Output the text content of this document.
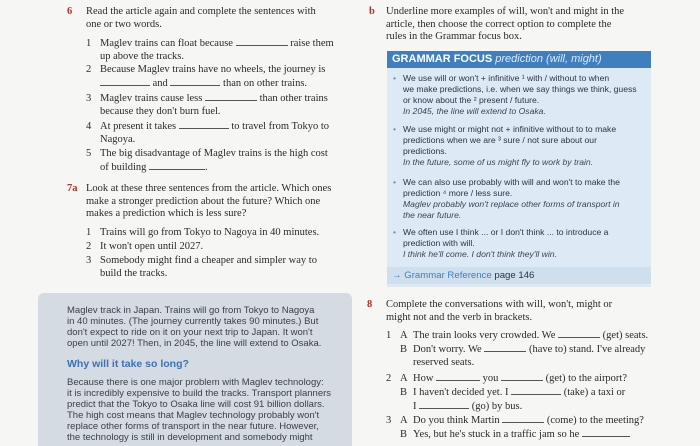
6 Read the article again and complete the sentences with
one or two words.
1 Maglev trains can float because	raise them
up above the tracks.
2 Because Maglev trains have no wheels, the journey is
and	than on other trains.
3 Maglev trains cause less	than other trains
because they don't burn fuel.
4 At present it takes	to travel from Tokyo to
Nagoya.
5 The big disadvantage of Maglev trains is the high cost
of building	.
7a Look at these three sentences from the article. Which ones
make a stronger prediction about the future? Which one
makes a prediction which is less sure?
1 Trains will go from Tokyo to Nagoya in 40 minutes.
2 It won't open until 2027.
3 Somebody might find a cheaper and simpler way to
build the tracks.

Maglev track in Japan. Trains will go from Tokyo to Nagoya

in 40 minutes. (The journey currently takes 90 minutes.) But

don't expect to ride on it on your next trip to Japan. It won't

open until 2027! Then, in 2045, the line will extend to Osaka.

Why will it take so long?

Because there is one major problem with Maglev technology:

it is incredibly expensive to build the tracks. Transport planners

predict that the Tokyo to Osaka line will cost 91 billion dollars.

The high cost means that Maglev technology probably won't

replace other forms of transport in the near future. However,

the technology is still in development and somebody might

b Underline more examples of will, won't and might in the
article, then choose the correct option to complete the
rules in the Grammar focus box.
GRAMMAR FOCUS prediction (will, might)
• We use will or won't + infinitive ¹ with / without to when
we make predictions, i.e. when we say things we think, guess
or know about the ² present / future.
In 2045, the line will extend to Osaka.
• We use might or might not + infinitive without to to make
predictions when we are ³ sure / not sure about our
predictions.
In the future, some of us might fly to work by train.
• We can also use probably with will and won't to make the
prediction ⁴ more / less sure.
Maglev probably won't replace other forms of transport in
the near future.
• We often use I think ... or I don't think ... to introduce a
prediction with will.
I think he'll come. I don't think they'll win.
→ Grammar Reference page 146
8 Complete the conversations with will, won't, might or
might not and the verb in brackets.
1 A The train looks very crowded. We	(get) seats.
B Don't worry. We	(have to) stand. I've already
reserved seats.
2 A How	you	(get) to the airport?
B I haven't decided yet. I	(take) a taxi or
I	(go) by bus.
3 A Do you think Martin	(come) to the meeting?
B Yes, but he's stuck in a traffic jam so he
